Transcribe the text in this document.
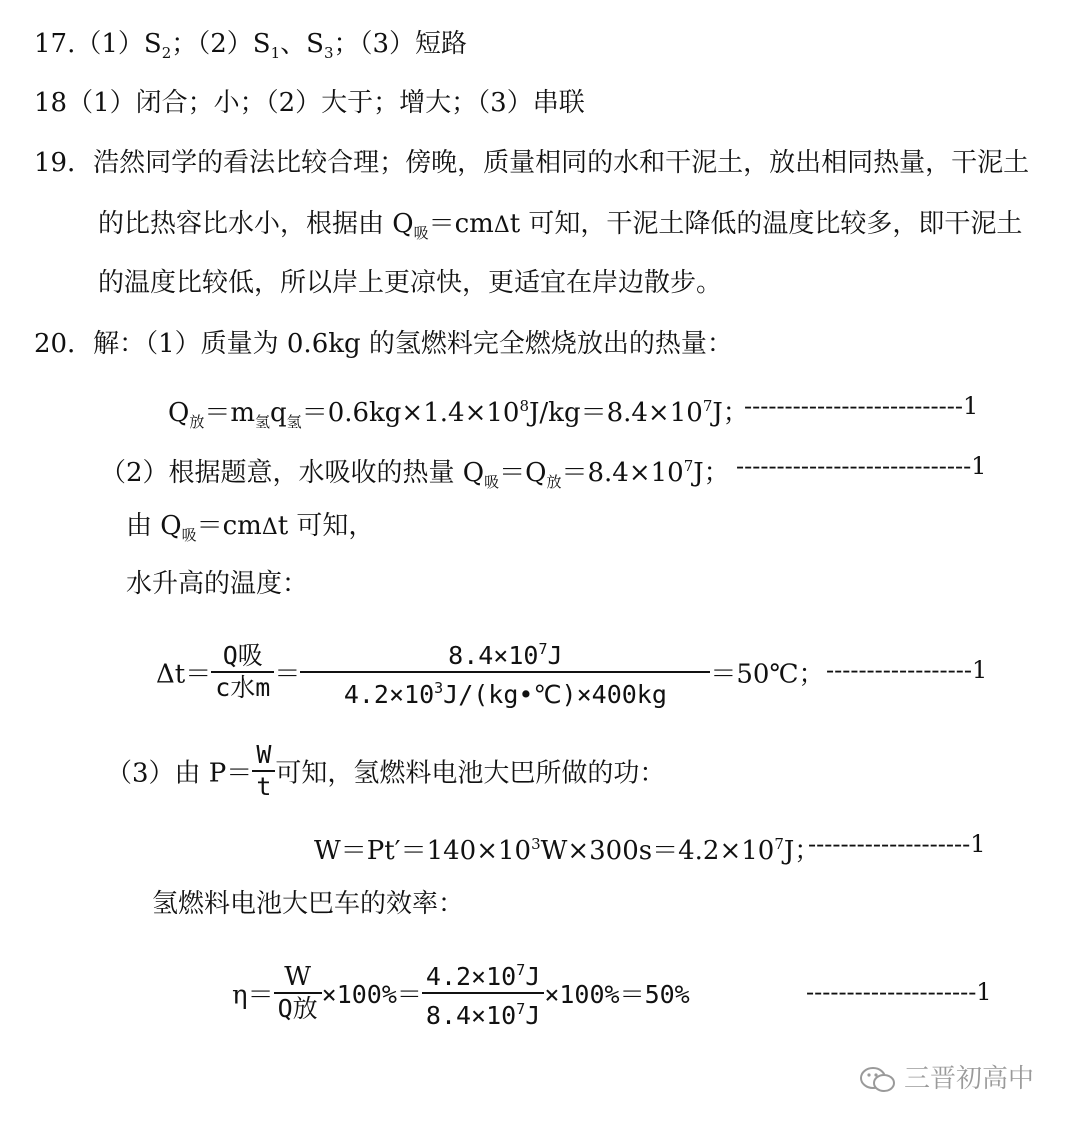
$17.(1)S_2$；$(2)S_1$、$S_3$；（3）短路
18（1）闭合；小；（2）大于；增大；（3）串联
19．浩然同学的看法比较合理；傍晚，质量相同的水和干泥土，放出相同热量，干泥土
的比热容比水小，根据由 $Q_吸=cm\Delta t$ 可知，干泥土降低的温度比较多，即干泥土
的温度比较低，所以岸上更凉快，更适宜在岸边散步。
20．解：（1）质量为 0.6kg 的氢燃料完全燃烧放出的热量：
$Q_放=m_氢q_氢=0.6kg\times 1.4\times 10^8J/kg=8.4\times 10^7J$；
---------------------------1
（2）根据题意，水吸收的热量 $Q_吸=Q_放=8.4\times 10^7J$； -----------------------------1
由 $Q_吸=cm\Delta t$ 可知，
水升高的温度：
$\Delta t= \frac{\text{Q吸}}{\text{c水m}} = \frac{8.4\times 10^7J}{4.2\times 10^3J/(kg•℃)\times 400kg}$ ＝50℃； ------------------1
（3）由 $P= \frac{W}{t}$ 可知，氢燃料电池大巴所做的功：
$W=Pt'=140\times 10^3W\times 300s=4.2\times 10^7J$；
--------------------1
氢燃料电池大巴车的效率：
$\eta= \frac{W}{\text{Q放}} \times 100\%= \frac{4.2\times 10^7J}{8.4\times 10^7J} \times 100\%=50\%$	---------------------1
三晋初高中
